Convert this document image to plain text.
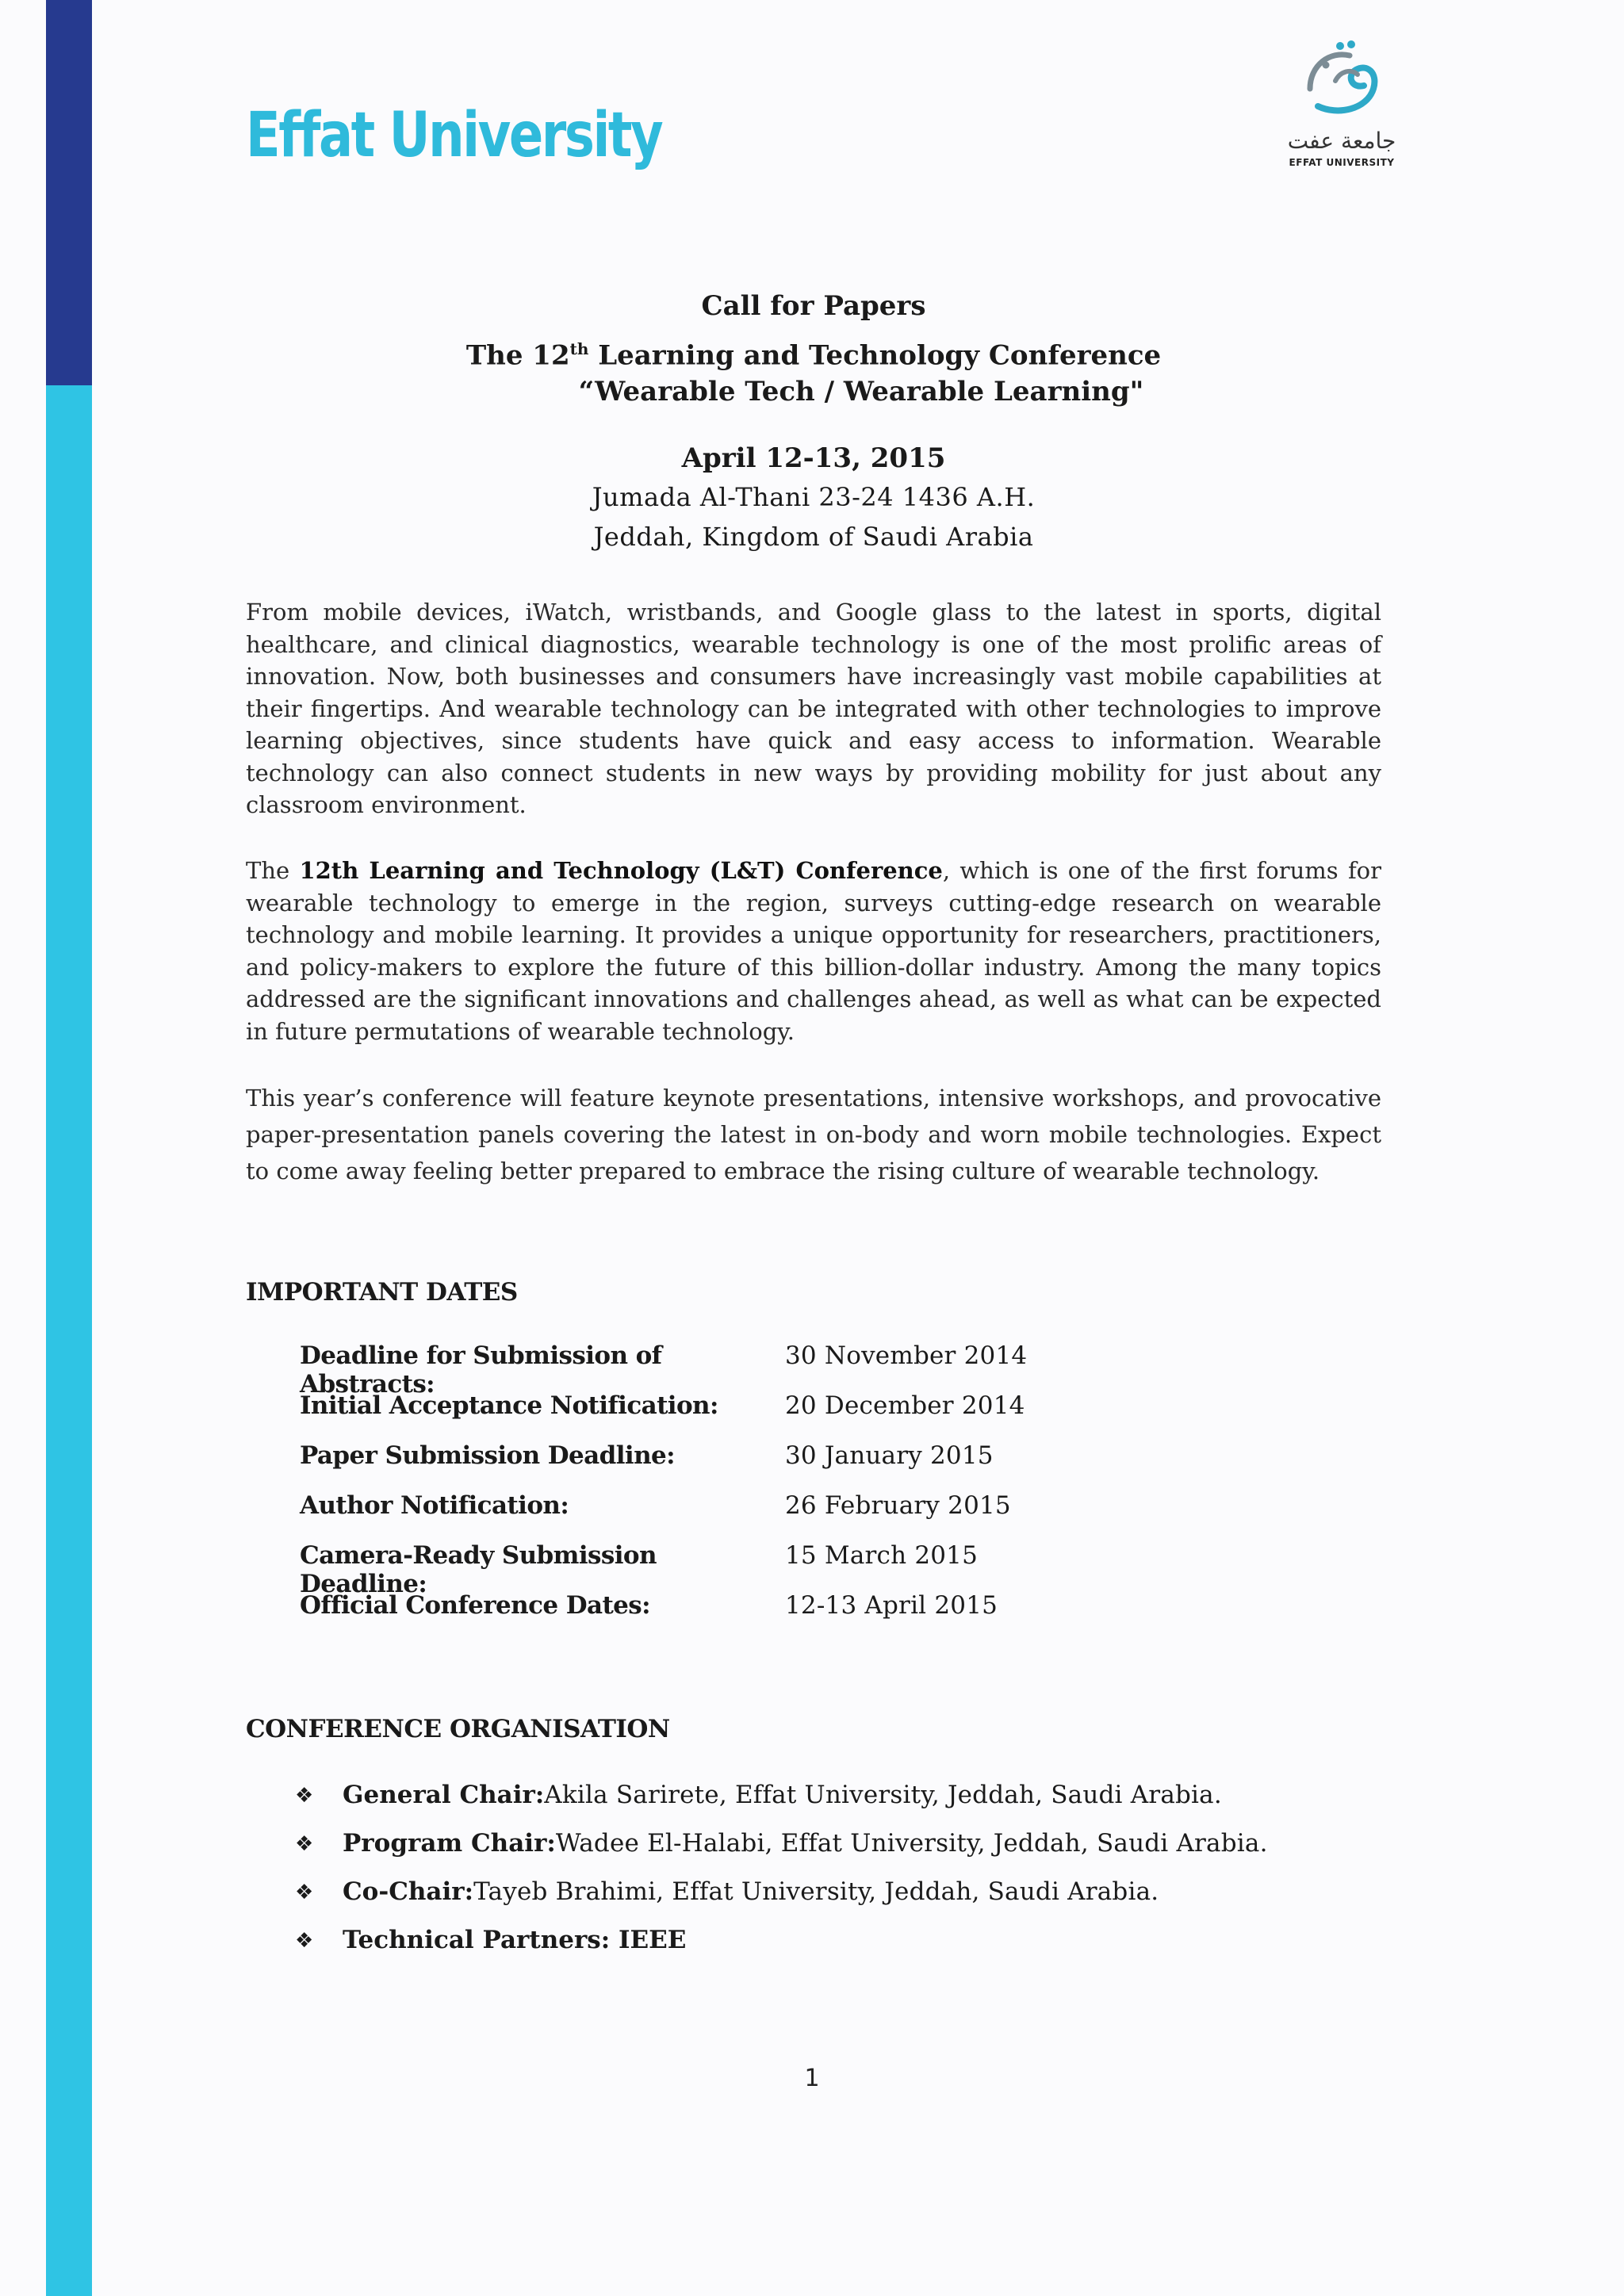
Effat University	جامعة عفت
EFFAT UNIVERSITY
Call for Papers
The 12th Learning and Technology Conference
“Wearable Tech / Wearable Learning"
April 12-13, 2015
Jumada Al-Thani 23-24 1436 A.H.
Jeddah, Kingdom of Saudi Arabia

From mobile devices, iWatch, wristbands, and Google glass to the latest in sports, digital healthcare, and clinical diagnostics, wearable technology is one of the most prolific areas of innovation. Now, both businesses and consumers have increasingly vast mobile capabilities at their fingertips. And wearable technology can be integrated with other technologies to improve learning objectives, since students have quick and easy access to information. Wearable technology can also connect students in new ways by providing mobility for just about any classroom environment.

The 12th Learning and Technology (L&T) Conference, which is one of the first forums for wearable technology to emerge in the region, surveys cutting-edge research on wearable technology and mobile learning. It provides a unique opportunity for researchers, practitioners, and policy-makers to explore the future of this billion-dollar industry. Among the many topics addressed are the significant innovations and challenges ahead, as well as what can be expected in future permutations of wearable technology.

This year’s conference will feature keynote presentations, intensive workshops, and provocative paper-presentation panels covering the latest in on-body and worn mobile technologies. Expect to come away feeling better prepared to embrace the rising culture of wearable technology.

IMPORTANT DATES
Deadline for Submission of Abstracts:
30 November 2014
Initial Acceptance Notification:	20 December 2014
Paper Submission Deadline:	30 January 2015
Author Notification:	26 February 2015
Camera-Ready Submission Deadline:
15 March 2015
Official Conference Dates:	12-13 April 2015
CONFERENCE ORGANISATION
❖	General Chair: Akila Sarirete, Effat University, Jeddah, Saudi Arabia.
❖	Program Chair: Wadee El-Halabi, Effat University, Jeddah, Saudi Arabia.
❖	Co-Chair: Tayeb Brahimi, Effat University, Jeddah, Saudi Arabia.
❖	Technical Partners: IEEE

1
